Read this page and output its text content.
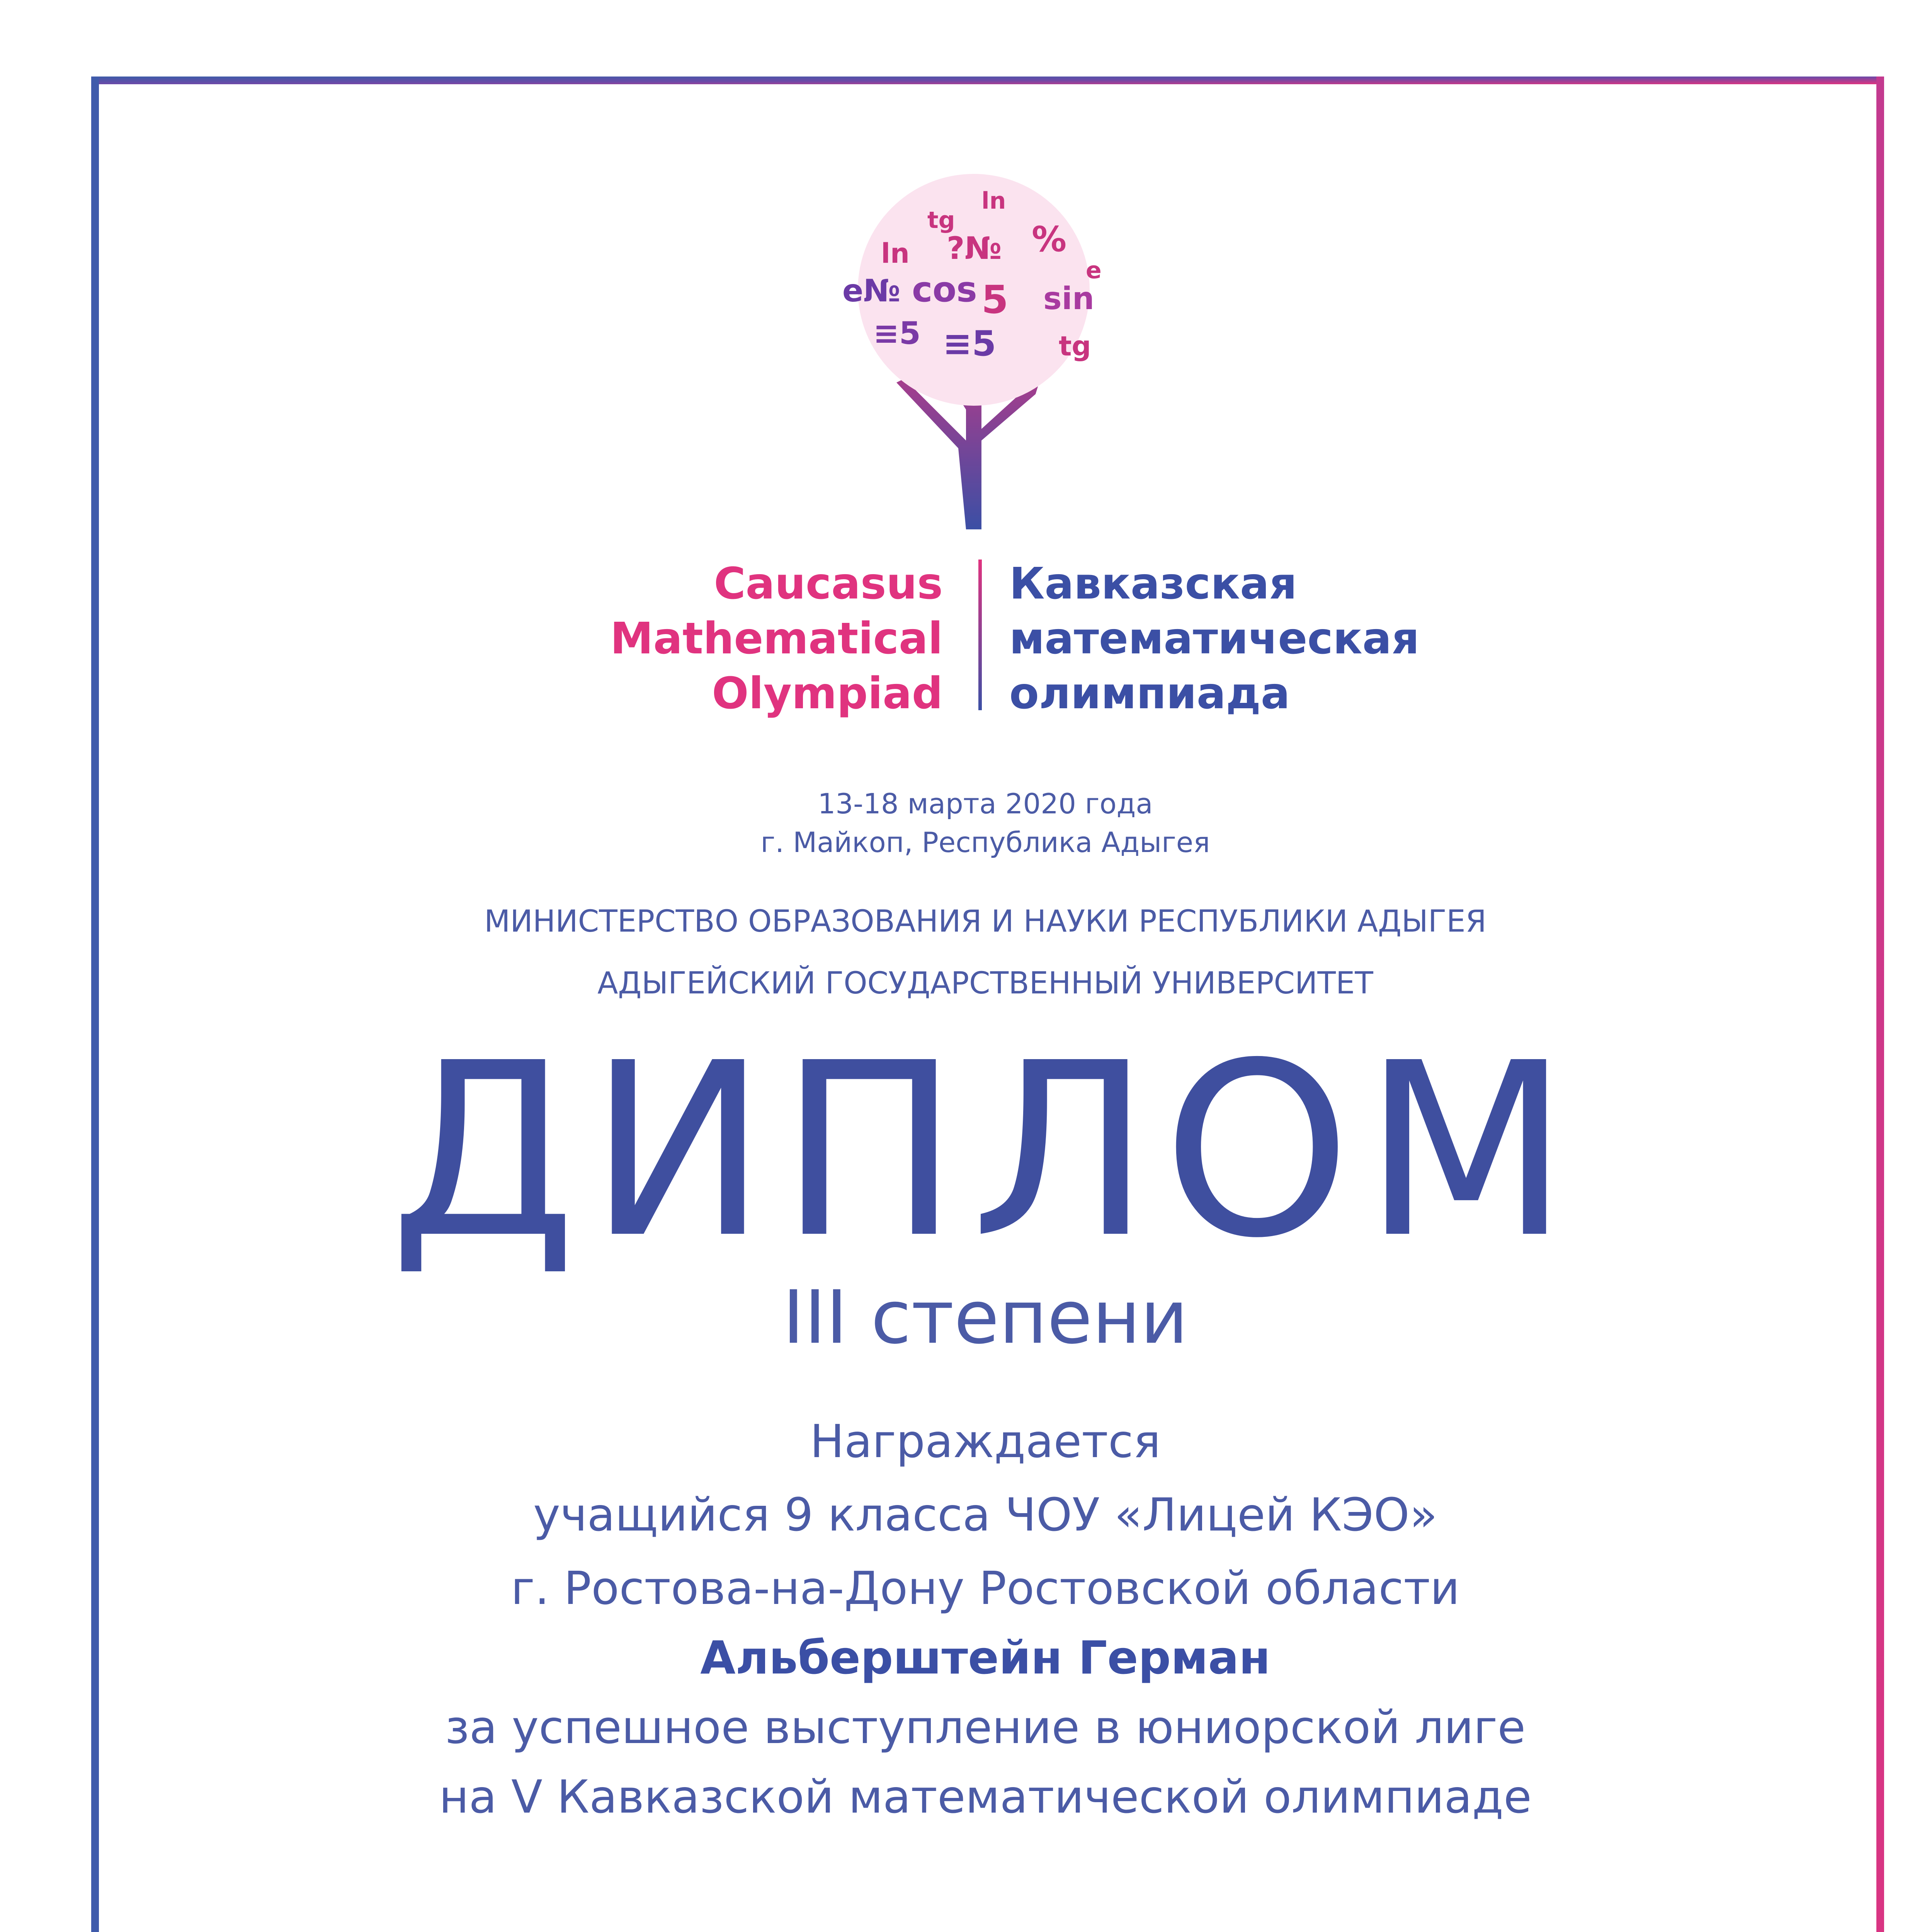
tg
ln
ln ?№ %
e№ cos 5 sin
≡5 ≡5 tg
e
Caucasus
Mathematical
Olympiad
Кавказская
математическая
олимпиада
13-18 марта 2020 года
г. Майкоп, Республика Адыгея
МИНИСТЕРСТВО ОБРАЗОВАНИЯ И НАУКИ РЕСПУБЛИКИ АДЫГЕЯ
АДЫГЕЙСКИЙ ГОСУДАРСТВЕННЫЙ УНИВЕРСИТЕТ
ДИПЛОМ
III степени
Награждается
учащийся 9 класса ЧОУ «Лицей КЭО»
г. Ростова-на-Дону Ростовской области
Альберштейн Герман
за успешное выступление в юниорской лиге
на V Кавказской математической олимпиаде
